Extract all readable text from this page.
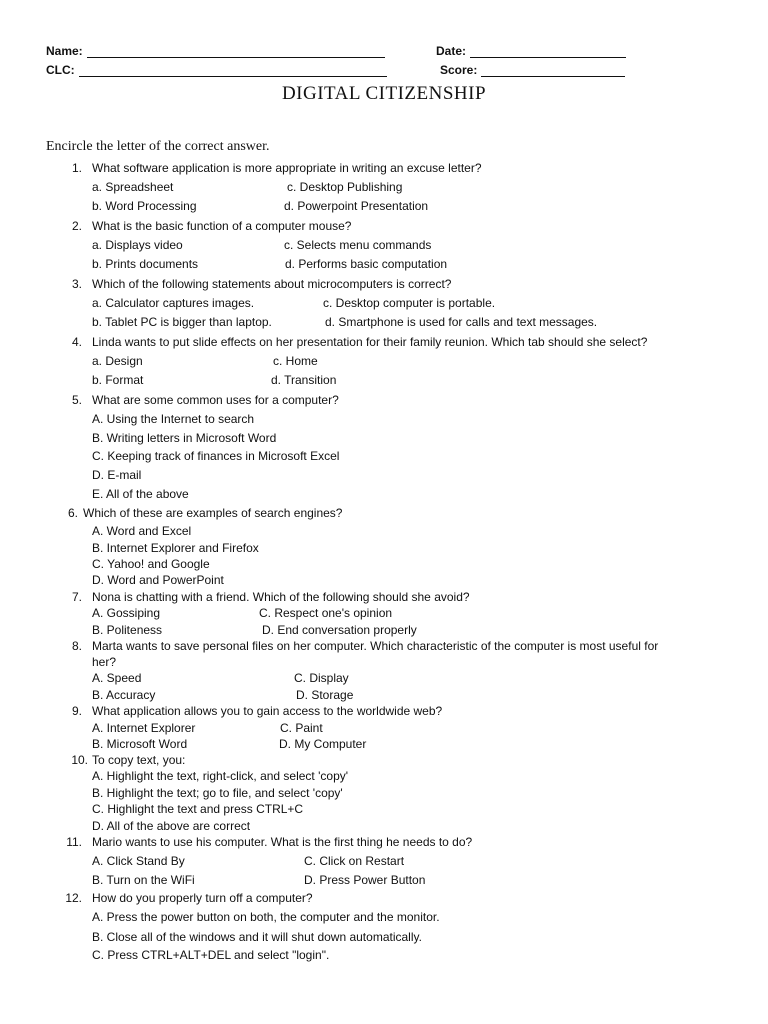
Name:	Date:
CLC:	Score:
DIGITAL CITIZENSHIP
Encircle the letter of the correct answer.
1. What software application is more appropriate in writing an excuse letter?
a. Spreadsheet	c. Desktop Publishing
b. Word Processing	d. Powerpoint Presentation
2. What is the basic function of a computer mouse?
a. Displays video	c. Selects menu commands
b. Prints documents	d. Performs basic computation
3. Which of the following statements about microcomputers is correct?
a. Calculator captures images.	c. Desktop computer is portable.
b. Tablet PC is bigger than laptop.	d. Smartphone is used for calls and text messages.
4. Linda wants to put slide effects on her presentation for their family reunion. Which tab should she select?
a. Design	c. Home
b. Format	d. Transition
5. What are some common uses for a computer?
A. Using the Internet to search
B. Writing letters in Microsoft Word
C. Keeping track of finances in Microsoft Excel
D. E-mail
E. All of the above
6. Which of these are examples of search engines?
A. Word and Excel
B. Internet Explorer and Firefox
C. Yahoo! and Google
D. Word and PowerPoint
7. Nona is chatting with a friend. Which of the following should she avoid?
A. Gossiping	C. Respect one's opinion
B. Politeness	D. End conversation properly
8. Marta wants to save personal files on her computer. Which characteristic of the computer is most useful for
her?
A. Speed	C. Display
B. Accuracy	D. Storage
9. What application allows you to gain access to the worldwide web?
A. Internet Explorer	C. Paint
B. Microsoft Word	D. My Computer
10. To copy text, you:
A. Highlight the text, right-click, and select 'copy'
B. Highlight the text; go to file, and select 'copy'
C. Highlight the text and press CTRL+C
D. All of the above are correct
11. Mario wants to use his computer. What is the first thing he needs to do?
A. Click Stand By	C. Click on Restart
B. Turn on the WiFi	D. Press Power Button
12. How do you properly turn off a computer?
A. Press the power button on both, the computer and the monitor.
B. Close all of the windows and it will shut down automatically.
C. Press CTRL+ALT+DEL and select "login".
